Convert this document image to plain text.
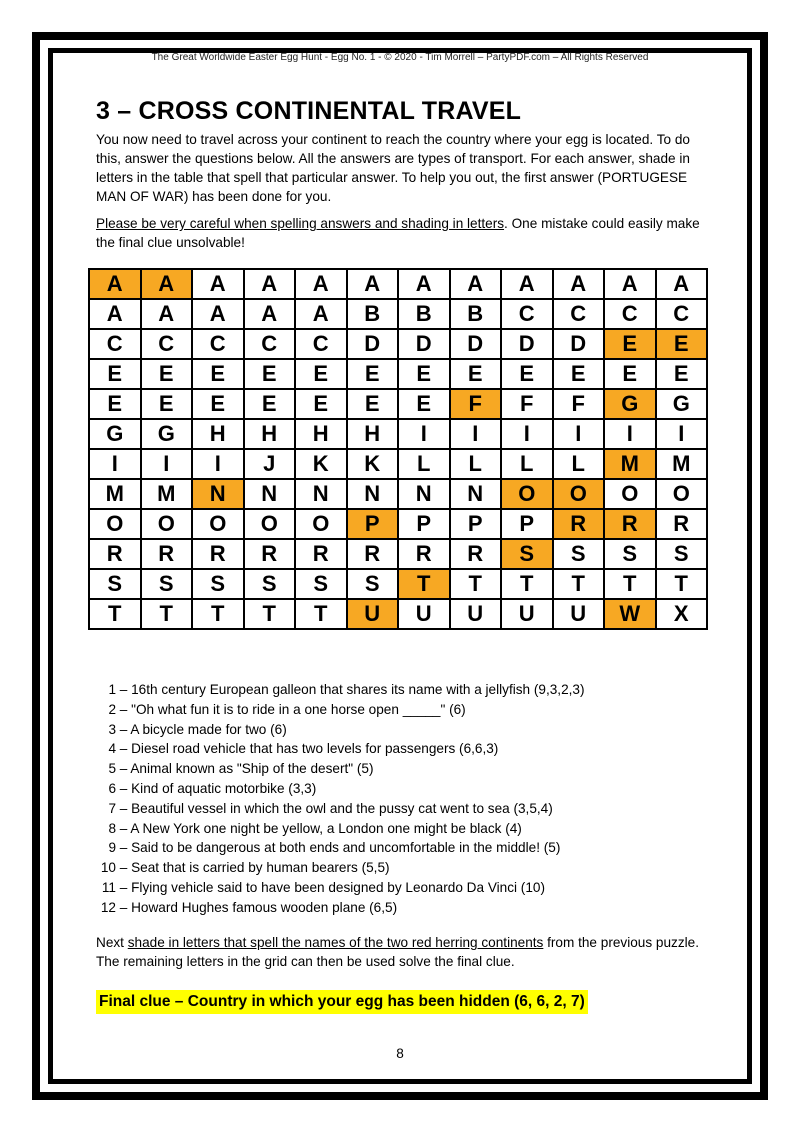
The Great Worldwide Easter Egg Hunt - Egg No. 1 - © 2020 - Tim Morrell – PartyPDF.com – All Rights Reserved
3 – CROSS CONTINENTAL TRAVEL
You now need to travel across your continent to reach the country where your egg is located. To do this, answer the questions below. All the answers are types of transport. For each answer, shade in letters in the table that spell that particular answer. To help you out, the first answer (PORTUGESE MAN OF WAR) has been done for you.
Please be very careful when spelling answers and shading in letters. One mistake could easily make the final clue unsolvable!
A	A	A	A	A	A	A	A	A	A	A	A
A	A	A	A	A	B	B	B	C	C	C	C
C	C	C	C	C	D	D	D	D	D	E	E
E	E	E	E	E	E	E	E	E	E	E	E
E	E	E	E	E	E	E	F	F	F	G	G
G	G	H	H	H	H	I	I	I	I	I	I
I	I	I	J	K	K	L	L	L	L	M	M
M	M	N	N	N	N	N	N	O	O	O	O
O	O	O	O	O	P	P	P	P	R	R	R
R	R	R	R	R	R	R	R	S	S	S	S
S	S	S	S	S	S	T	T	T	T	T	T
T	T	T	T	T	U	U	U	U	U	W	X
1 – 16th century European galleon that shares its name with a jellyfish (9,3,2,3)
2 – "Oh what fun it is to ride in a one horse open _____" (6)
3 – A bicycle made for two (6)
4 – Diesel road vehicle that has two levels for passengers (6,6,3)
5 – Animal known as "Ship of the desert" (5)
6 – Kind of aquatic motorbike (3,3)
7 – Beautiful vessel in which the owl and the pussy cat went to sea (3,5,4)
8 – A New York one night be yellow, a London one might be black (4)
9 – Said to be dangerous at both ends and uncomfortable in the middle! (5)
10 – Seat that is carried by human bearers (5,5)
11 – Flying vehicle said to have been designed by Leonardo Da Vinci (10)
12 – Howard Hughes famous wooden plane (6,5)
Next shade in letters that spell the names of the two red herring continents from the previous puzzle. The remaining letters in the grid can then be used solve the final clue.
Final clue – Country in which your egg has been hidden (6, 6, 2, 7)
8
